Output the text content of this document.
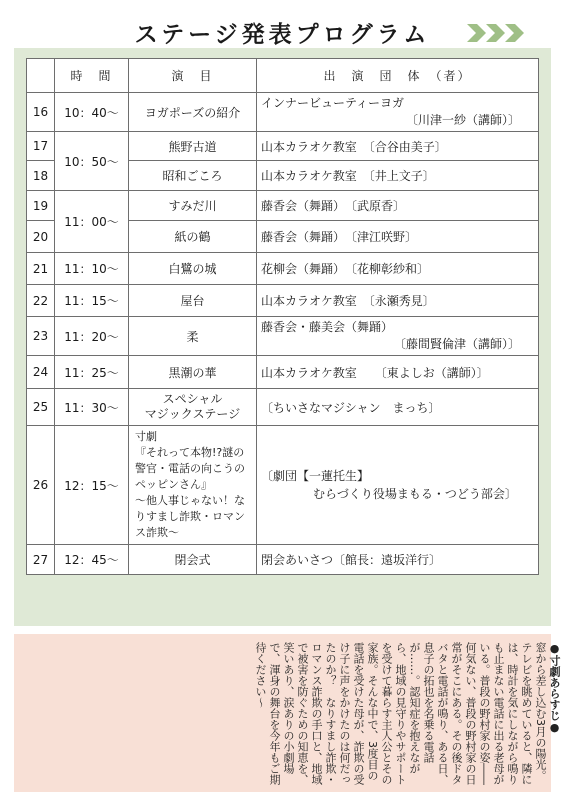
ステージ発表プログラム
	時　間	演　目	出　演　団　体　（者）
16	10：40〜	ヨガポーズの紹介	インナービューティーヨガ
〔川津一紗（講師）〕

17	10：50〜	熊野古道	山本カラオケ教室　〔合谷由美子〕
18		昭和ごころ	山本カラオケ教室　〔井上文子〕
19	11：00〜	すみだ川	藤香会（舞踊）　〔武原香〕
20		紙の鶴	藤香会（舞踊）　〔津江咲野〕
21	11：10〜	白鷺の城	花柳会（舞踊）　〔花柳彰紗和〕
22	11：15〜	屋台	山本カラオケ教室　〔永瀬秀見〕
23	11：20〜	柔	藤香会・藤美会（舞踊）
〔藤間賢倫津（講師）〕

24	11：25〜	黒潮の華	山本カラオケ教室　　〔東よしお（講師）〕
25	11：30〜	スペシャル
マジックステージ	〔ちいさなマジシャン　まっち〕
26	12：15〜	寸劇
『それって本物!?謎の警官・電話の向こうのペッピンさん』
〜他人事じゃない！なりすまし詐欺・ロマンス詐欺〜	〔劇団【一蓮托生】
むらづくり役場まもる・つどう部会〕
27	12：45〜	閉会式	閉会あいさつ〔館長：遠坂洋行〕
●寸劇あらすじ●
窓から差し込む3月の陽光。テレビを眺めていると、隣には、時計を気にしながら鳴りも止まない電話に出る老母がいる。普段の野村家の姿――何気ない、普段の野村家の日常がそこにある。その後ドタバタと電話が鳴り、ある日、息子の拓也を名乗る電話が……。認知症を抱えながら、地域の見守りやサポートを受けて暮らす主人公とその家族。そんな中で、3度目の電話を受けた母が、詐欺の受け子に声をかけたのは何だったのか？　なりすまし詐欺・ロマンス詐欺の手口と、地域で被害を防ぐための知恵を、笑いあり、涙ありの小劇場で、渾身の舞台を今年もご期待ください〜
